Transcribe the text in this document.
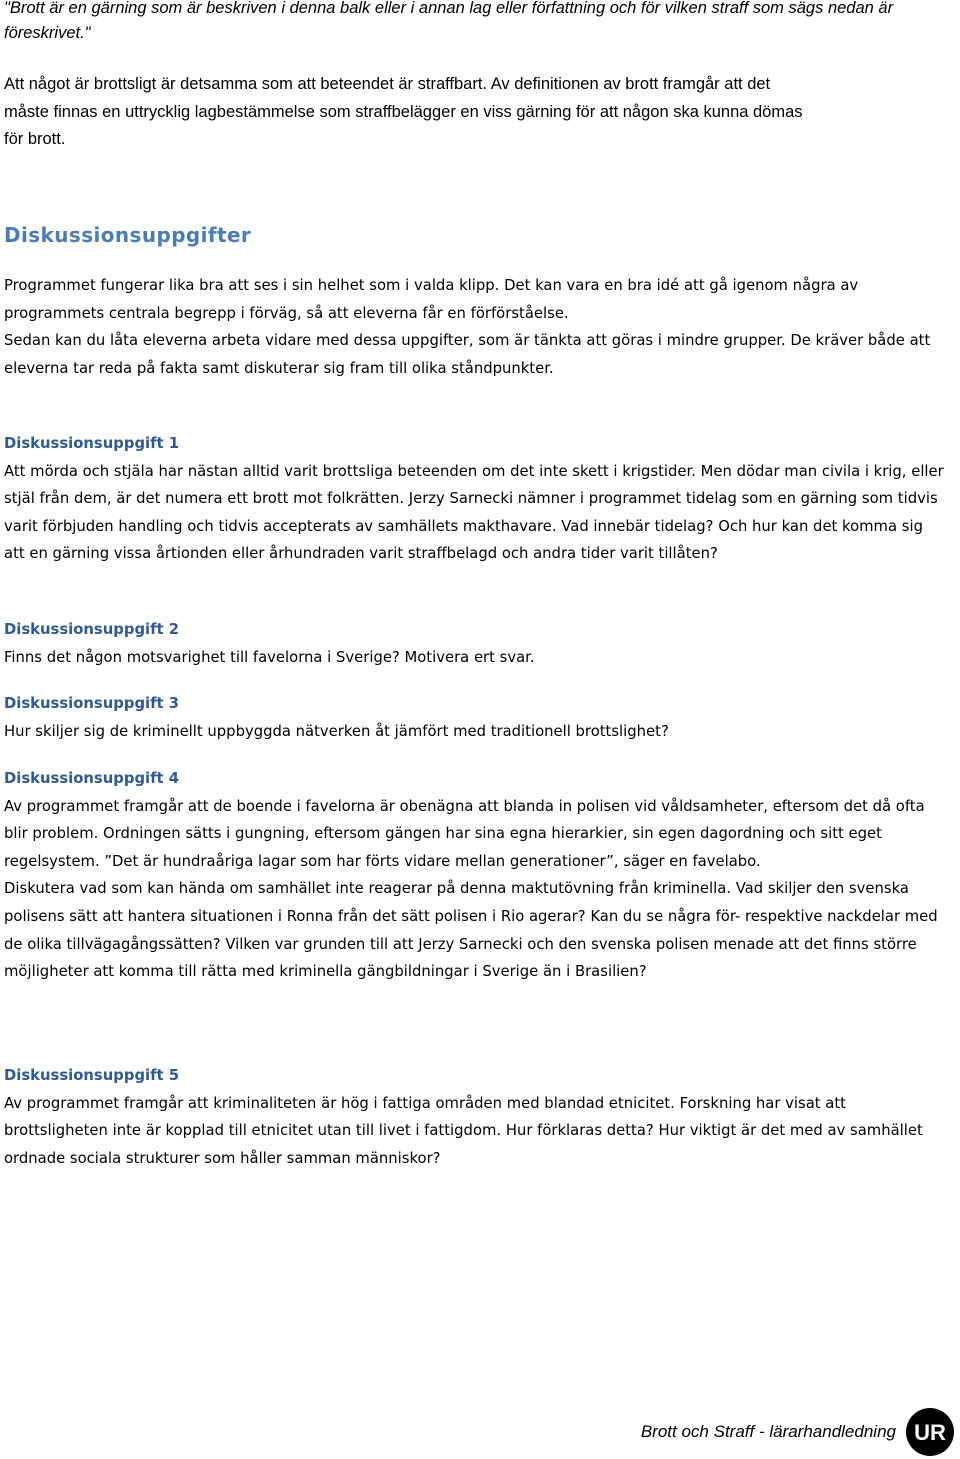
"Brott är en gärning som är beskriven i denna balk eller i annan lag eller författning och för vilken straff som sägs nedan är föreskrivet."

Att något är brottsligt är detsamma som att beteendet är straffbart. Av definitionen av brott framgår att det
måste finnas en uttrycklig lagbestämmelse som straffbelägger en viss gärning för att någon ska kunna dömas
för brott.

Diskussionsuppgifter

Programmet fungerar lika bra att ses i sin helhet som i valda klipp. Det kan vara en bra idé att gå igenom några av programmets centrala begrepp i förväg, så att eleverna får en förförståelse.

Sedan kan du låta eleverna arbeta vidare med dessa uppgifter, som är tänkta att göras i mindre grupper. De kräver både att eleverna tar reda på fakta samt diskuterar sig fram till olika ståndpunkter.

Diskussionsuppgift 1

Att mörda och stjäla har nästan alltid varit brottsliga beteenden om det inte skett i krigstider. Men dödar man civila i krig, eller stjäl från dem, är det numera ett brott mot folkrätten. Jerzy Sarnecki nämner i programmet tidelag som en gärning som tidvis varit förbjuden handling och tidvis accepterats av samhällets makthavare. Vad innebär tidelag? Och hur kan det komma sig att en gärning vissa årtionden eller århundraden varit straffbelagd och andra tider varit tillåten?

Diskussionsuppgift 2

Finns det någon motsvarighet till favelorna i Sverige? Motivera ert svar.

Diskussionsuppgift 3

Hur skiljer sig de kriminellt uppbyggda nätverken åt jämfört med traditionell brottslighet?

Diskussionsuppgift 4

Av programmet framgår att de boende i favelorna är obenägna att blanda in polisen vid våldsamheter, eftersom det då ofta blir problem. Ordningen sätts i gungning, eftersom gängen har sina egna hierarkier, sin egen dagordning och sitt eget regelsystem. ”Det är hundraåriga lagar som har förts vidare mellan generationer”, säger en favelabo.

Diskutera vad som kan hända om samhället inte reagerar på denna maktutövning från kriminella. Vad skiljer den svenska polisens sätt att hantera situationen i Ronna från det sätt polisen i Rio agerar? Kan du se några för- respektive nackdelar med de olika tillvägagångssätten? Vilken var grunden till att Jerzy Sarnecki och den svenska polisen menade att det finns större möjligheter att komma till rätta med kriminella gängbildningar i Sverige än i Brasilien?

Diskussionsuppgift 5

Av programmet framgår att kriminaliteten är hög i fattiga områden med blandad etnicitet. Forskning har visat att brottsligheten inte är kopplad till etnicitet utan till livet i fattigdom. Hur förklaras detta? Hur viktigt är det med av samhället ordnade sociala strukturer som håller samman människor?

Brott och Straff - lärarhandledning UR
